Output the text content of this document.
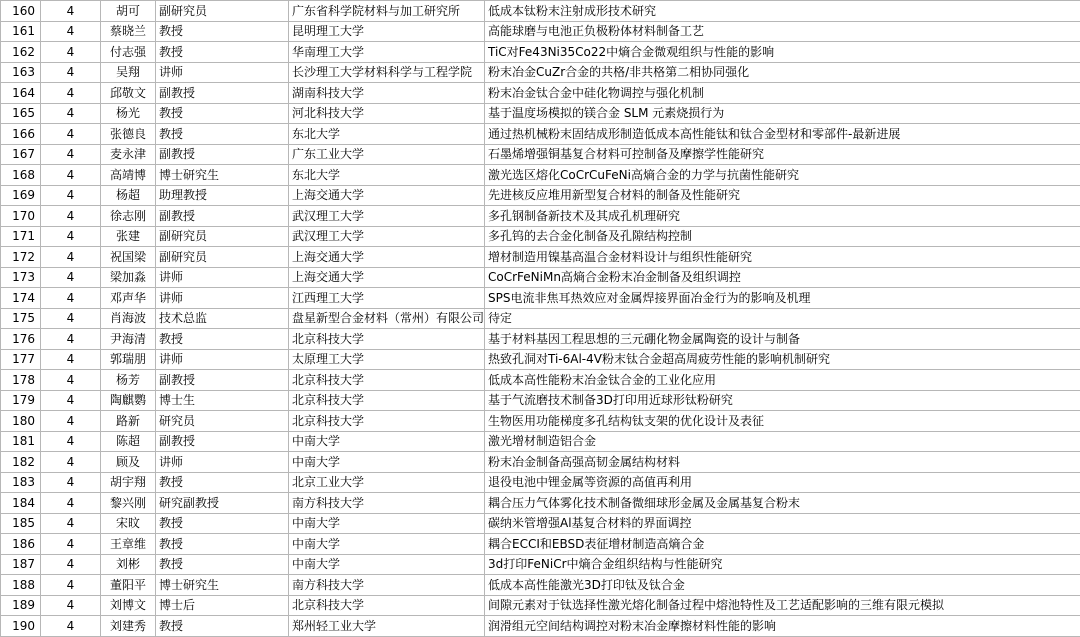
160	4	胡可	副研究员	广东省科学院材料与加工研究所	低成本钛粉末注射成形技术研究
161	4	蔡晓兰	教授	昆明理工大学	高能球磨与电池正负极粉体材料制备工艺
162	4	付志强	教授	华南理工大学	TiC对Fe43Ni35Co22中熵合金微观组织与性能的影响
163	4	吴翔	讲师	长沙理工大学材料科学与工程学院	粉末冶金CuZr合金的共格/非共格第二相协同强化
164	4	邱敬文	副教授	湖南科技大学	粉末冶金钛合金中硅化物调控与强化机制
165	4	杨光	教授	河北科技大学	基于温度场模拟的镁合金 SLM 元素烧损行为
166	4	张德良	教授	东北大学	通过热机械粉末固结成形制造低成本高性能钛和钛合金型材和零部件-最新进展
167	4	麦永津	副教授	广东工业大学	石墨烯增强铜基复合材料可控制备及摩擦学性能研究
168	4	高靖博	博士研究生	东北大学	激光选区熔化CoCrCuFeNi高熵合金的力学与抗菌性能研究
169	4	杨超	助理教授	上海交通大学	先进核反应堆用新型复合材料的制备及性能研究
170	4	徐志刚	副教授	武汉理工大学	多孔钢制备新技术及其成孔机理研究
171	4	张建	副研究员	武汉理工大学	多孔钨的去合金化制备及孔隙结构控制
172	4	祝国梁	副研究员	上海交通大学	增材制造用镍基高温合金材料设计与组织性能研究
173	4	梁加淼	讲师	上海交通大学	CoCrFeNiMn高熵合金粉末冶金制备及组织调控
174	4	邓声华	讲师	江西理工大学	SPS电流非焦耳热效应对金属焊接界面冶金行为的影响及机理
175	4	肖海波	技术总监	盘星新型合金材料（常州）有限公司	待定
176	4	尹海清	教授	北京科技大学	基于材料基因工程思想的三元硼化物金属陶瓷的设计与制备
177	4	郭瑞朋	讲师	太原理工大学	热致孔洞对Ti-6Al-4V粉末钛合金超高周疲劳性能的影响机制研究
178	4	杨芳	副教授	北京科技大学	低成本高性能粉末冶金钛合金的工业化应用
179	4	陶麒鹦	博士生	北京科技大学	基于气流磨技术制备3D打印用近球形钛粉研究
180	4	路新	研究员	北京科技大学	生物医用功能梯度多孔结构钛支架的优化设计及表征
181	4	陈超	副教授	中南大学	激光增材制造铝合金
182	4	顾及	讲师	中南大学	粉末冶金制备高强高韧金属结构材料
183	4	胡宇翔	教授	北京工业大学	退役电池中锂金属等资源的高值再利用
184	4	黎兴刚	研究副教授	南方科技大学	耦合压力气体雾化技术制备微细球形金属及金属基复合粉末
185	4	宋旼	教授	中南大学	碳纳米管增强Al基复合材料的界面调控
186	4	王章维	教授	中南大学	耦合ECCI和EBSD表征增材制造高熵合金
187	4	刘彬	教授	中南大学	3d打印FeNiCr中熵合金组织结构与性能研究
188	4	董阳平	博士研究生	南方科技大学	低成本高性能激光3D打印钛及钛合金
189	4	刘博文	博士后	北京科技大学	间隙元素对于钛选择性激光熔化制备过程中熔池特性及工艺适配影响的三维有限元模拟
190	4	刘建秀	教授	郑州轻工业大学	润滑组元空间结构调控对粉末冶金摩擦材料性能的影响
